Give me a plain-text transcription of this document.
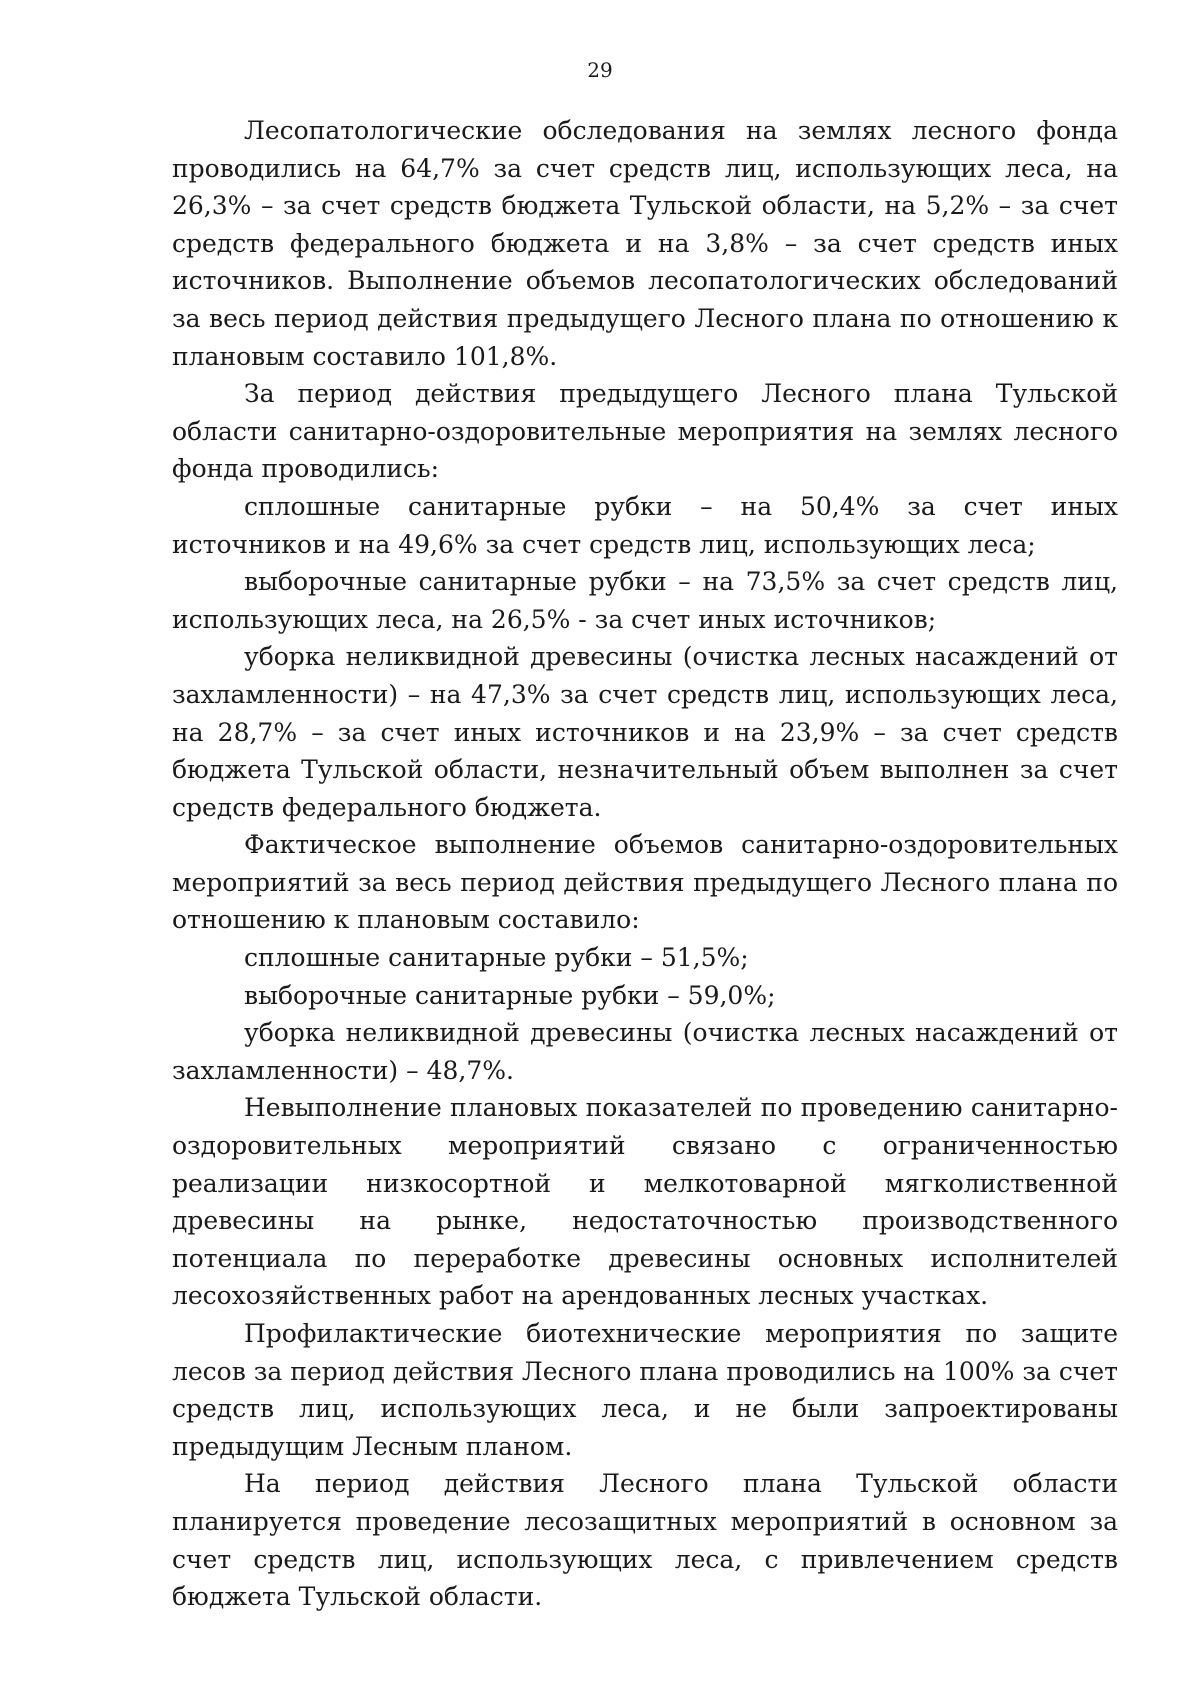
29

Лесопатологические обследования на землях лесного фонда проводились на 64,7% за счет средств лиц, использующих леса, на 26,3% – за счет средств бюджета Тульской области, на 5,2% – за счет средств федерального бюджета и на 3,8% – за счет средств иных источников. Выполнение объемов лесопатологических обследований за весь период действия предыдущего Лесного плана по отношению к плановым составило 101,8%.

За период действия предыдущего Лесного плана Тульской области санитарно-оздоровительные мероприятия на землях лесного фонда проводились:

сплошные санитарные рубки – на 50,4% за счет иных источников и на 49,6% за счет средств лиц, использующих леса;

выборочные санитарные рубки – на 73,5% за счет средств лиц, использующих леса, на 26,5% - за счет иных источников;

уборка неликвидной древесины (очистка лесных насаждений от захламленности) – на 47,3% за счет средств лиц, использующих леса, на 28,7% – за счет иных источников и на 23,9% – за счет средств бюджета Тульской области, незначительный объем выполнен за счет средств федерального бюджета.

Фактическое выполнение объемов санитарно-оздоровительных мероприятий за весь период действия предыдущего Лесного плана по отношению к плановым составило:

сплошные санитарные рубки – 51,5%;

выборочные санитарные рубки – 59,0%;

уборка неликвидной древесины (очистка лесных насаждений от захламленности) – 48,7%.

Невыполнение плановых показателей по проведению санитарно-оздоровительных мероприятий связано с ограниченностью реализации низкосортной и мелкотоварной мягколиственной древесины на рынке, недостаточностью производственного потенциала по переработке древесины основных исполнителей лесохозяйственных работ на арендованных лесных участках.

Профилактические биотехнические мероприятия по защите лесов за период действия Лесного плана проводились на 100% за счет средств лиц, использующих леса, и не были запроектированы предыдущим Лесным планом.

На период действия Лесного плана Тульской области планируется проведение лесозащитных мероприятий в основном за счет средств лиц, использующих леса, с привлечением средств бюджета Тульской области.
